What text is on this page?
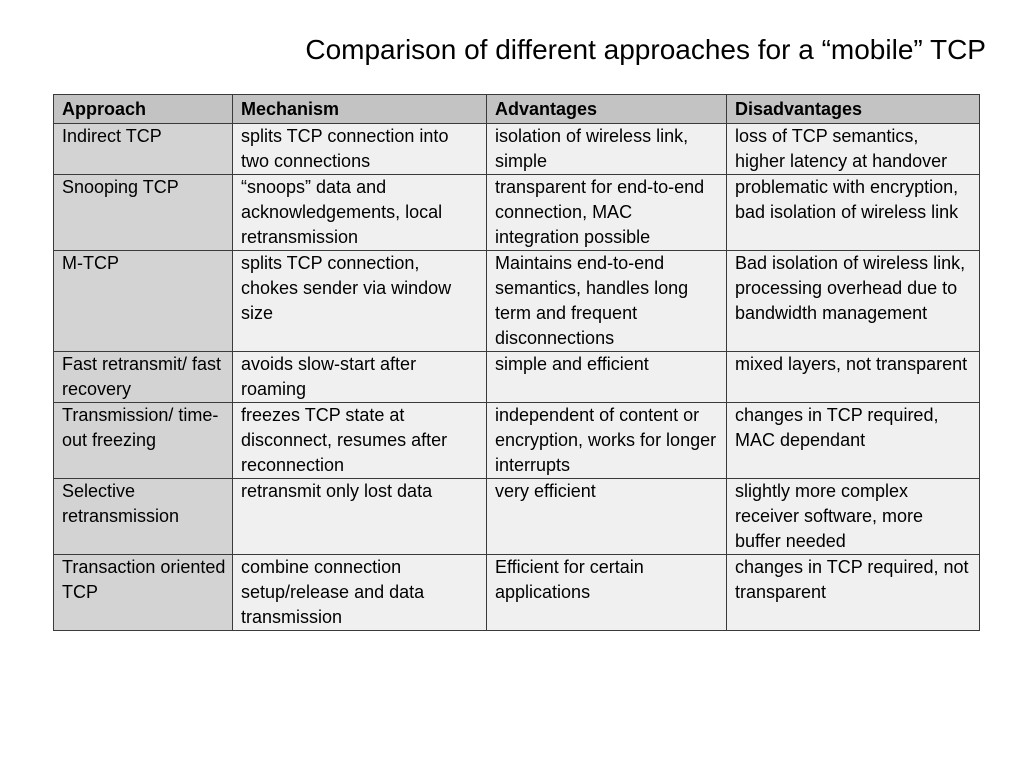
Comparison of different approaches for a “mobile” TCP
Approach	Mechanism	Advantages	Disadvantages
Indirect TCP	splits TCP connection into two connections	isolation of wireless link, simple	loss of TCP semantics, higher latency at handover
Snooping TCP	“snoops” data and acknowledgements, local retransmission	transparent for end-to-end connection, MAC integration possible	problematic with encryption, bad isolation of wireless link
M-TCP	splits TCP connection, chokes sender via window size	Maintains end-to-end semantics, handles long term and frequent disconnections	Bad isolation of wireless link, processing overhead due to bandwidth management
Fast retransmit/ fast recovery	avoids slow-start after roaming	simple and efficient	mixed layers, not transparent
Transmission/ time-out freezing	freezes TCP state at disconnect, resumes after reconnection	independent of content or encryption, works for longer interrupts	changes in TCP required, MAC dependant
Selective retransmission	retransmit only lost data	very efficient	slightly more complex receiver software, more buffer needed
Transaction oriented TCP	combine connection setup/release and data transmission	Efficient for certain applications	changes in TCP required, not transparent
